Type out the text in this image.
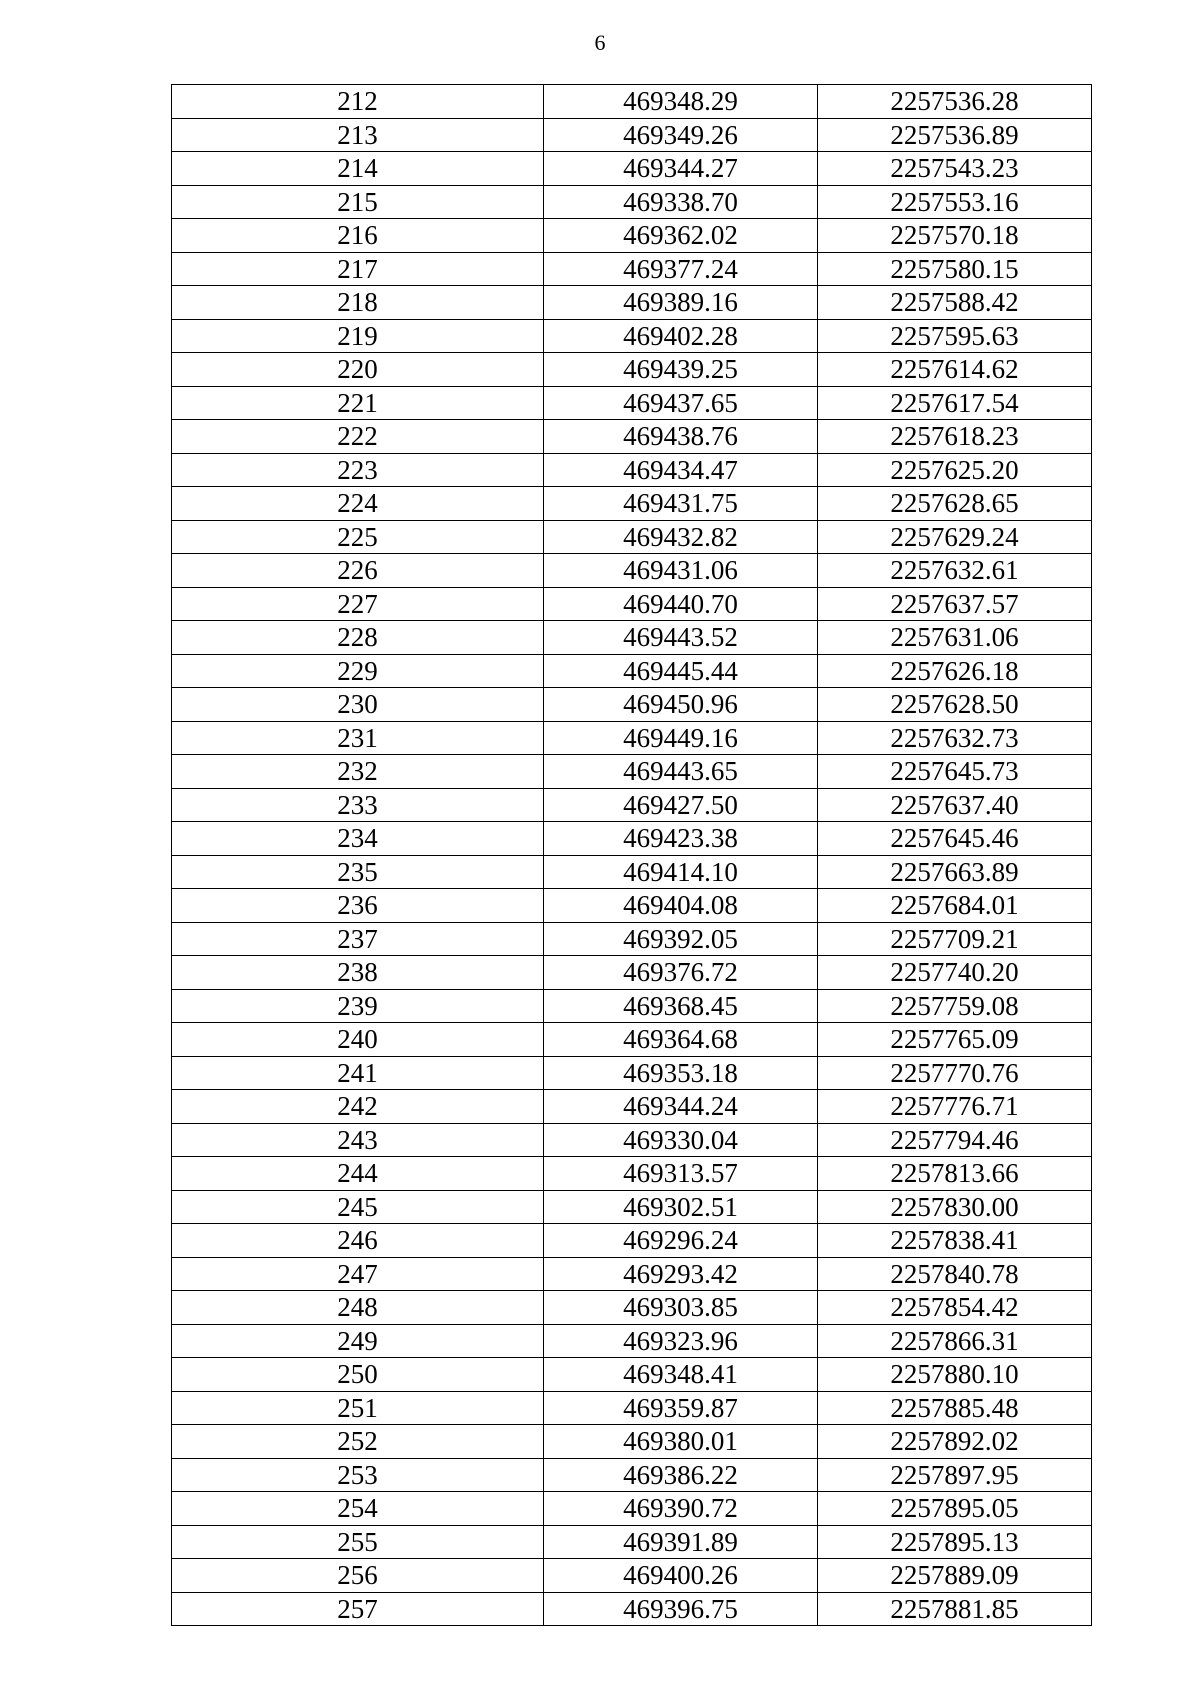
6
212	469348.29	2257536.28
213	469349.26	2257536.89
214	469344.27	2257543.23
215	469338.70	2257553.16
216	469362.02	2257570.18
217	469377.24	2257580.15
218	469389.16	2257588.42
219	469402.28	2257595.63
220	469439.25	2257614.62
221	469437.65	2257617.54
222	469438.76	2257618.23
223	469434.47	2257625.20
224	469431.75	2257628.65
225	469432.82	2257629.24
226	469431.06	2257632.61
227	469440.70	2257637.57
228	469443.52	2257631.06
229	469445.44	2257626.18
230	469450.96	2257628.50
231	469449.16	2257632.73
232	469443.65	2257645.73
233	469427.50	2257637.40
234	469423.38	2257645.46
235	469414.10	2257663.89
236	469404.08	2257684.01
237	469392.05	2257709.21
238	469376.72	2257740.20
239	469368.45	2257759.08
240	469364.68	2257765.09
241	469353.18	2257770.76
242	469344.24	2257776.71
243	469330.04	2257794.46
244	469313.57	2257813.66
245	469302.51	2257830.00
246	469296.24	2257838.41
247	469293.42	2257840.78
248	469303.85	2257854.42
249	469323.96	2257866.31
250	469348.41	2257880.10
251	469359.87	2257885.48
252	469380.01	2257892.02
253	469386.22	2257897.95
254	469390.72	2257895.05
255	469391.89	2257895.13
256	469400.26	2257889.09
257	469396.75	2257881.85
